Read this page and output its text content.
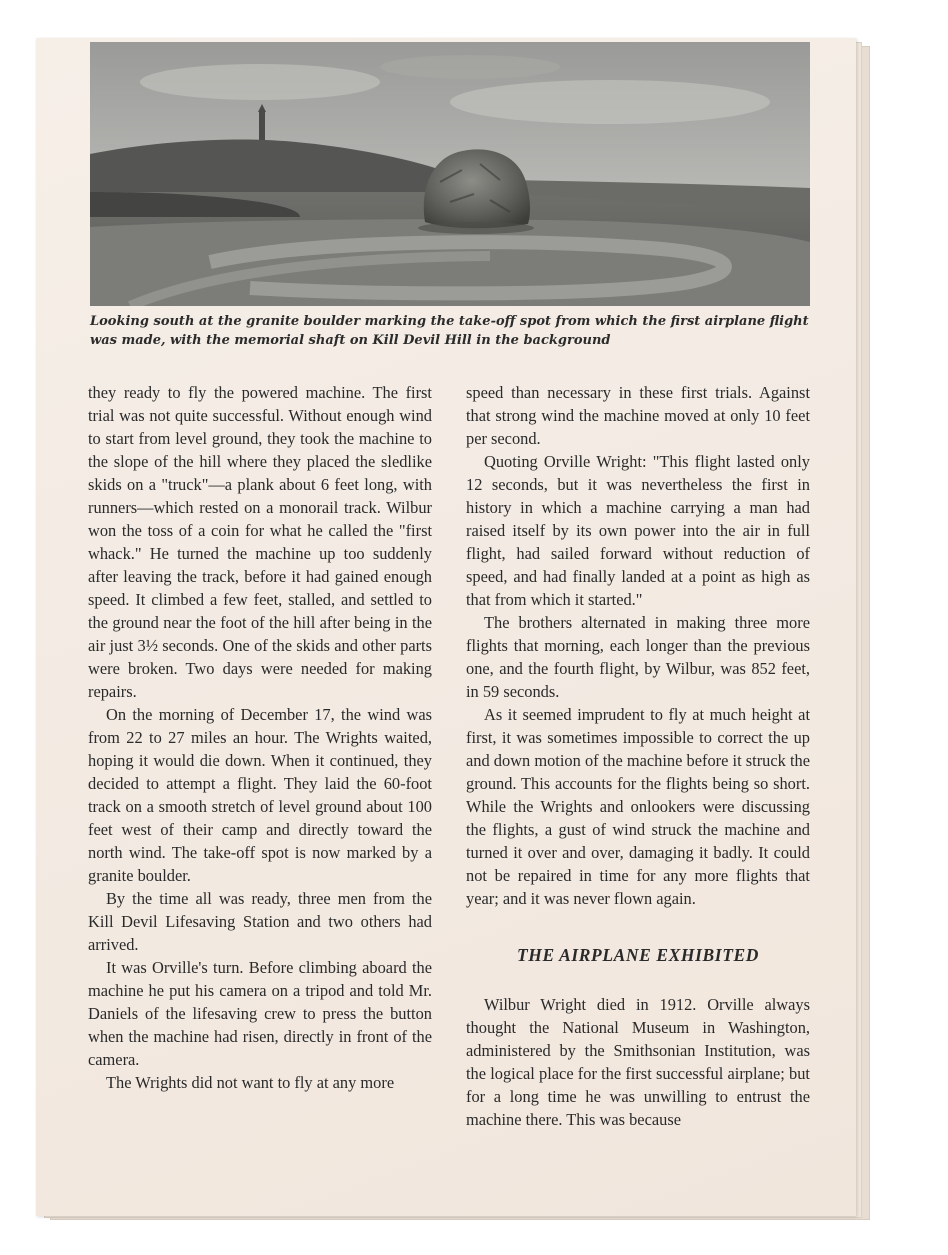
Looking south at the granite boulder marking the take-off spot from which the first airplane flight was made, with the memorial shaft on Kill Devil Hill in the background

they ready to fly the powered machine. The first trial was not quite successful. Without enough wind to start from level ground, they took the machine to the slope of the hill where they placed the sledlike skids on a "truck"—a plank about 6 feet long, with runners—which rested on a monorail track. Wilbur won the toss of a coin for what he called the "first whack." He turned the machine up too suddenly after leaving the track, before it had gained enough speed. It climbed a few feet, stalled, and settled to the ground near the foot of the hill after being in the air just 3½ seconds. One of the skids and other parts were broken. Two days were needed for making repairs.

On the morning of December 17, the wind was from 22 to 27 miles an hour. The Wrights waited, hoping it would die down. When it continued, they decided to attempt a flight. They laid the 60-foot track on a smooth stretch of level ground about 100 feet west of their camp and directly toward the north wind. The take-off spot is now marked by a granite boulder.

By the time all was ready, three men from the Kill Devil Lifesaving Station and two others had arrived.

It was Orville's turn. Before climbing aboard the machine he put his camera on a tripod and told Mr. Daniels of the lifesaving crew to press the button when the machine had risen, directly in front of the camera.

The Wrights did not want to fly at any more

speed than necessary in these first trials. Against that strong wind the machine moved at only 10 feet per second.

Quoting Orville Wright: "This flight lasted only 12 seconds, but it was nevertheless the first in history in which a machine carrying a man had raised itself by its own power into the air in full flight, had sailed forward without reduction of speed, and had finally landed at a point as high as that from which it started."

The brothers alternated in making three more flights that morning, each longer than the previous one, and the fourth flight, by Wilbur, was 852 feet, in 59 seconds.

As it seemed imprudent to fly at much height at first, it was sometimes impossible to correct the up and down motion of the machine before it struck the ground. This accounts for the flights being so short. While the Wrights and onlookers were discussing the flights, a gust of wind struck the machine and turned it over and over, damaging it badly. It could not be repaired in time for any more flights that year; and it was never flown again.

THE AIRPLANE EXHIBITED

Wilbur Wright died in 1912. Orville always thought the National Museum in Washington, administered by the Smithsonian Institution, was the logical place for the first successful airplane; but for a long time he was unwilling to entrust the machine there. This was because
